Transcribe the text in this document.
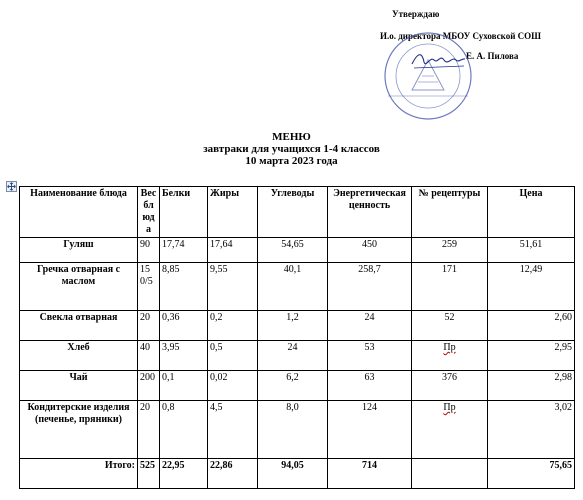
Утверждаю
И.о. директора МБОУ Суховской СОШ
Е. А. Пилова
МЕНЮ
завтраки для учащихся 1-4 классов
10 марта 2023 года
Наименование блюда	Вес блюда	Белки	Жиры	Углеводы	Энергетическая ценность	№ рецептуры	Цена
Гуляш	90	17,74	17,64	54,65	450	259	51,61
Гречка отварная с маслом	150/5	8,85	9,55	40,1	258,7	171	12,49
Свекла отварная	20	0,36	0,2	1,2	24	52	2,60
Хлеб	40	3,95	0,5	24	53	Пр	2,95
Чай	200	0,1	0,02	6,2	63	376	2,98
Кондитерские изделия (печенье, пряники)	20	0,8	4,5	8,0	124	Пр	3,02
Итого:	525	22,95	22,86	94,05	714		75,65
